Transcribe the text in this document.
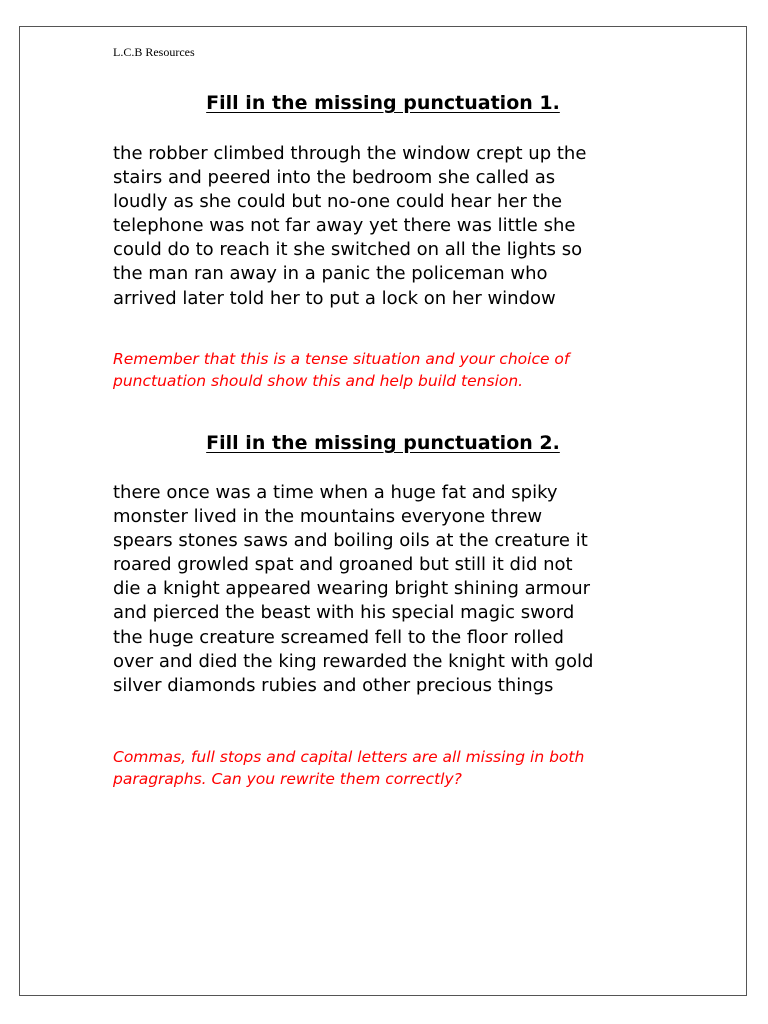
L.C.B Resources
Fill in the missing punctuation 1.
the robber climbed through the window crept up the
stairs and peered into the bedroom she called as
loudly as she could but no-one could hear her the
telephone was not far away yet there was little she
could do to reach it she switched on all the lights so
the man ran away in a panic the policeman who
arrived later told her to put a lock on her window
Remember that this is a tense situation and your choice of
punctuation should show this and help build tension.
Fill in the missing punctuation 2.
there once was a time when a huge fat and spiky
monster lived in the mountains everyone threw
spears stones saws and boiling oils at the creature it
roared growled spat and groaned but still it did not
die a knight appeared wearing bright shining armour
and pierced the beast with his special magic sword
the huge creature screamed fell to the floor rolled
over and died the king rewarded the knight with gold
silver diamonds rubies and other precious things
Commas, full stops and capital letters are all missing in both
paragraphs. Can you rewrite them correctly?
